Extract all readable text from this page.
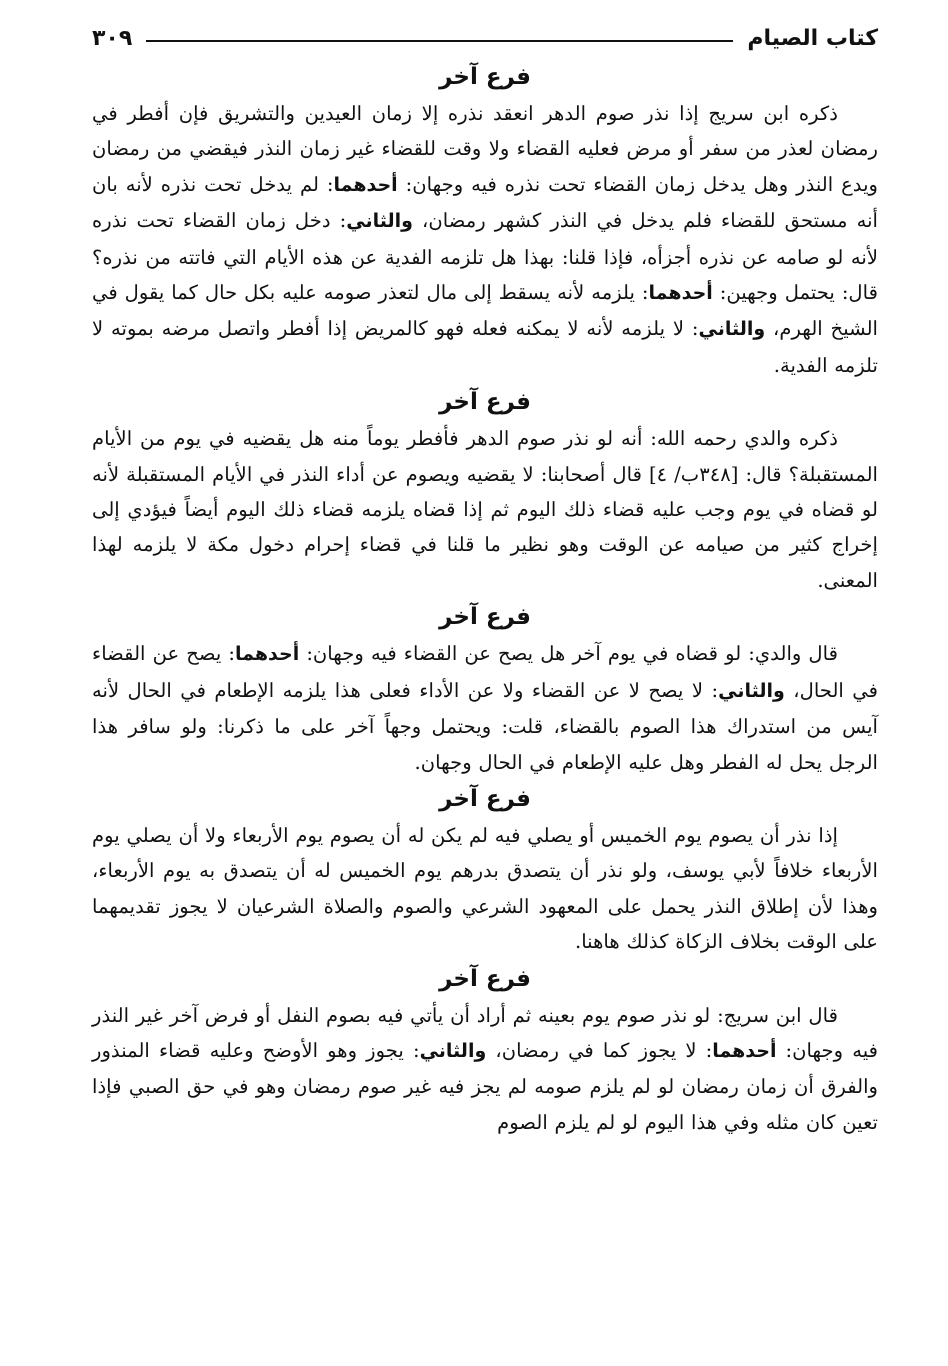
كتاب الصيام
٣٠٩
فرع آخر

ذكره ابن سريج إذا نذر صوم الدهر انعقد نذره إلا زمان العيدين والتشريق فإن أفطر في رمضان لعذر من سفر أو مرض فعليه القضاء ولا وقت للقضاء غير زمان النذر فيقضي من رمضان ويدع النذر وهل يدخل زمان القضاء تحت نذره فيه وجهان: أحدهما: لم يدخل تحت نذره لأنه بان أنه مستحق للقضاء فلم يدخل في النذر كشهر رمضان، والثاني: دخل زمان القضاء تحت نذره لأنه لو صامه عن نذره أجزأه، فإذا قلنا: بهذا هل تلزمه الفدية عن هذه الأيام التي فاتته من نذره؟ قال: يحتمل وجهين: أحدهما: يلزمه لأنه يسقط إلى مال لتعذر صومه عليه بكل حال كما يقول في الشيخ الهرم، والثاني: لا يلزمه لأنه لا يمكنه فعله فهو كالمريض إذا أفطر واتصل مرضه بموته لا تلزمه الفدية.

فرع آخر

ذكره والدي رحمه الله: أنه لو نذر صوم الدهر فأفطر يوماً منه هل يقضيه في يوم من الأيام المستقبلة؟ قال: [٣٤٨ب/ ٤] قال أصحابنا: لا يقضيه ويصوم عن أداء النذر في الأيام المستقبلة لأنه لو قضاه في يوم وجب عليه قضاء ذلك اليوم ثم إذا قضاه يلزمه قضاء ذلك اليوم أيضاً فيؤدي إلى إخراج كثير من صيامه عن الوقت وهو نظير ما قلنا في قضاء إحرام دخول مكة لا يلزمه لهذا المعنى.

فرع آخر

قال والدي: لو قضاه في يوم آخر هل يصح عن القضاء فيه وجهان: أحدهما: يصح عن القضاء في الحال، والثاني: لا يصح لا عن القضاء ولا عن الأداء فعلى هذا يلزمه الإطعام في الحال لأنه آيس من استدراك هذا الصوم بالقضاء، قلت: ويحتمل وجهاً آخر على ما ذكرنا: ولو سافر هذا الرجل يحل له الفطر وهل عليه الإطعام في الحال وجهان.

فرع آخر

إذا نذر أن يصوم يوم الخميس أو يصلي فيه لم يكن له أن يصوم يوم الأربعاء ولا أن يصلي يوم الأربعاء خلافاً لأبي يوسف، ولو نذر أن يتصدق بدرهم يوم الخميس له أن يتصدق به يوم الأربعاء، وهذا لأن إطلاق النذر يحمل على المعهود الشرعي والصوم والصلاة الشرعيان لا يجوز تقديمهما على الوقت بخلاف الزكاة كذلك هاهنا.

فرع آخر

قال ابن سريج: لو نذر صوم يوم بعينه ثم أراد أن يأتي فيه بصوم النفل أو فرض آخر غير النذر فيه وجهان: أحدهما: لا يجوز كما في رمضان، والثاني: يجوز وهو الأوضح وعليه قضاء المنذور والفرق أن زمان رمضان لو لم يلزم صومه لم يجز فيه غير صوم رمضان وهو في حق الصبي فإذا تعين كان مثله وفي هذا اليوم لو لم يلزم الصوم
